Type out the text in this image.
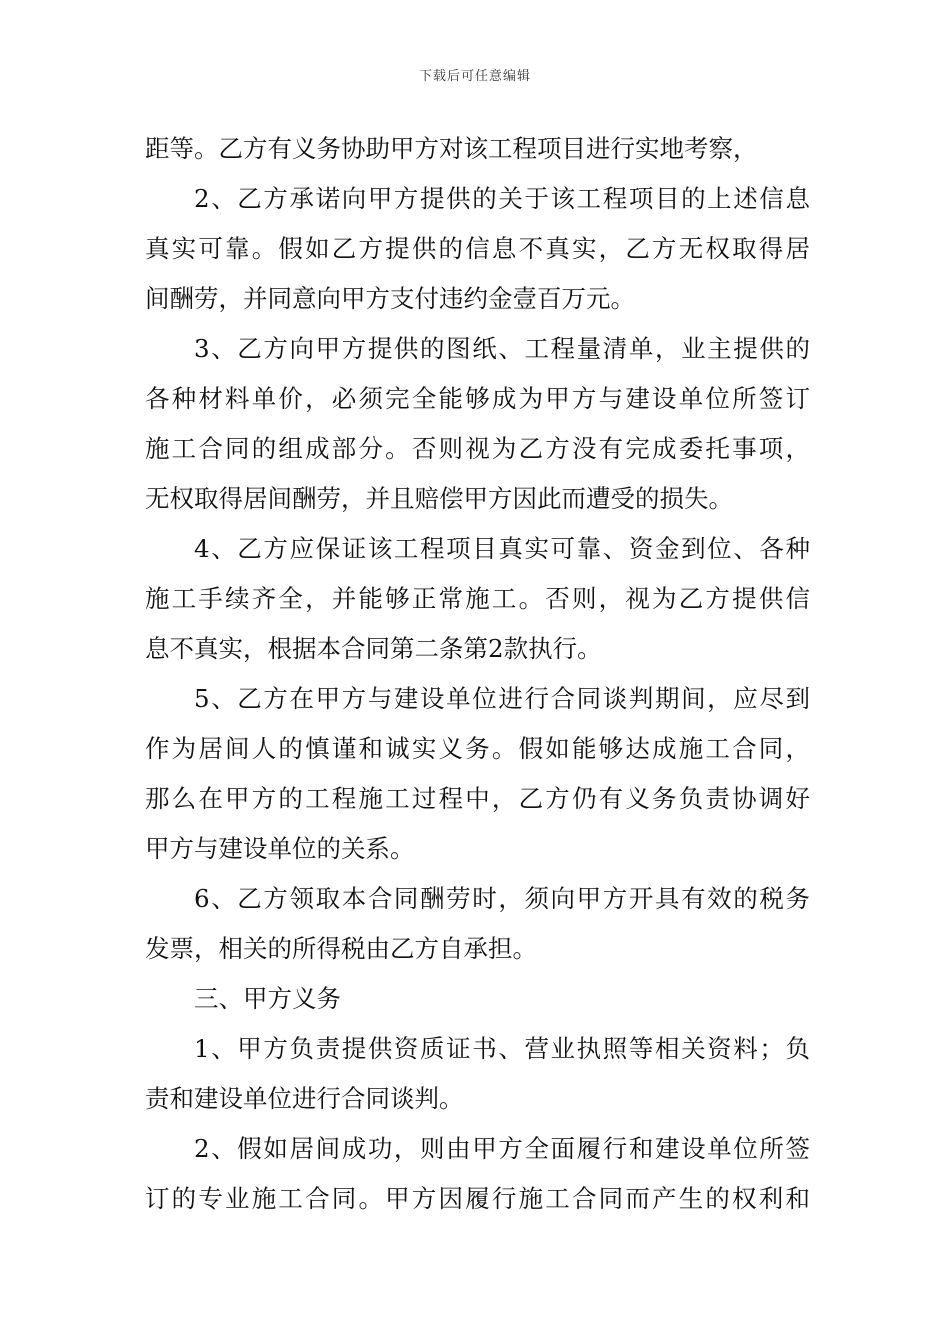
下载后可任意编辑
距等。乙方有义务协助甲方对该工程项目进行实地考察，
2、乙方承诺向甲方提供的关于该工程项目的上述信息
真实可靠。假如乙方提供的信息不真实，乙方无权取得居
间酬劳，并同意向甲方支付违约金壹百万元。
3、乙方向甲方提供的图纸、工程量清单，业主提供的
各种材料单价，必须完全能够成为甲方与建设单位所签订
施工合同的组成部分。否则视为乙方没有完成委托事项，
无权取得居间酬劳，并且赔偿甲方因此而遭受的损失。
4、乙方应保证该工程项目真实可靠、资金到位、各种
施工手续齐全，并能够正常施工。否则，视为乙方提供信
息不真实，根据本合同第二条第2款执行。
5、乙方在甲方与建设单位进行合同谈判期间，应尽到
作为居间人的慎谨和诚实义务。假如能够达成施工合同，
那么在甲方的工程施工过程中，乙方仍有义务负责协调好
甲方与建设单位的关系。
6、乙方领取本合同酬劳时，须向甲方开具有效的税务
发票，相关的所得税由乙方自承担。
三、甲方义务
1、甲方负责提供资质证书、营业执照等相关资料；负
责和建设单位进行合同谈判。
2、假如居间成功，则由甲方全面履行和建设单位所签
订的专业施工合同。甲方因履行施工合同而产生的权利和
